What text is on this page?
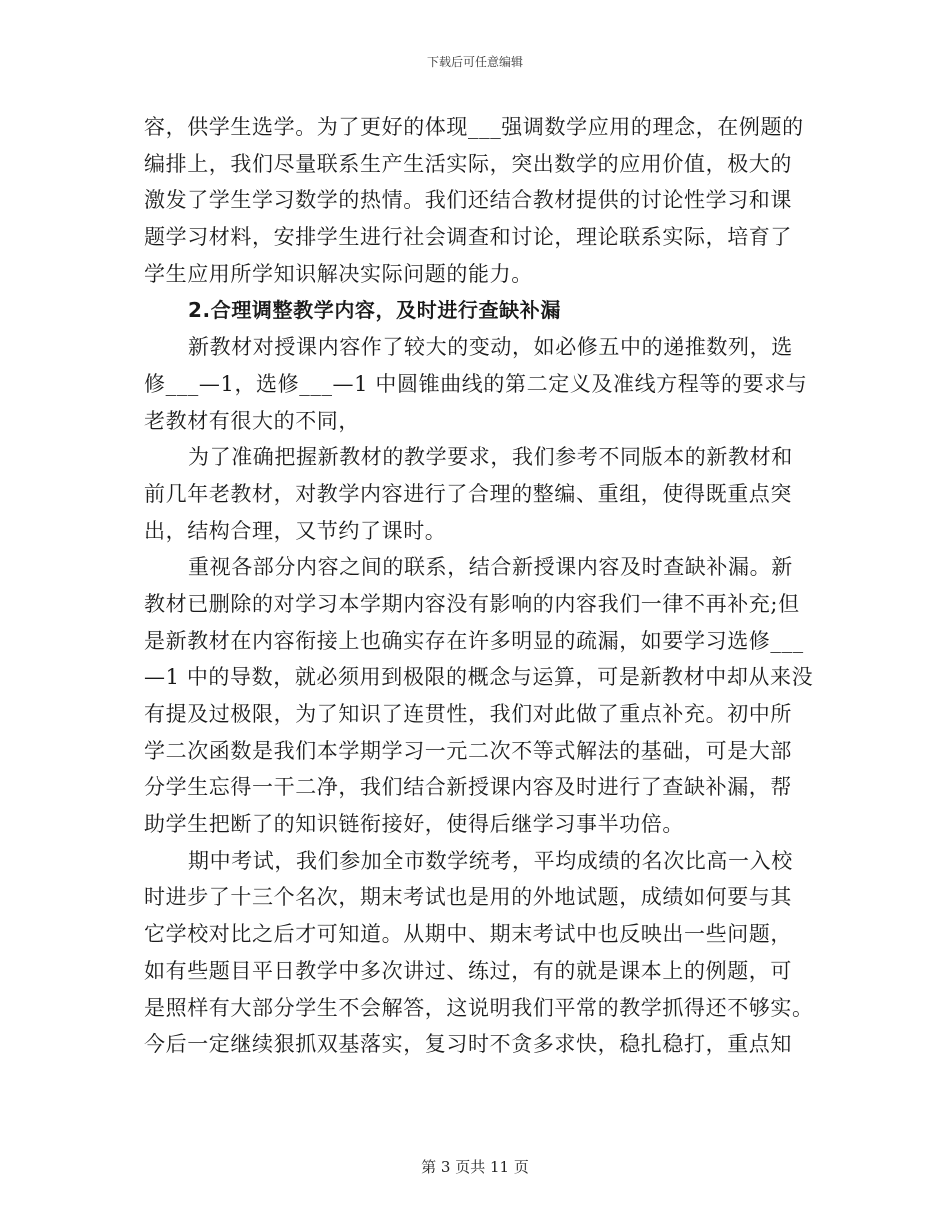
下载后可任意编辑
容，供学生选学。为了更好的体现___强调数学应用的理念，在例题的
编排上，我们尽量联系生产生活实际，突出数学的应用价值，极大的
激发了学生学习数学的热情。我们还结合教材提供的讨论性学习和课
题学习材料，安排学生进行社会调查和讨论，理论联系实际，培育了
学生应用所学知识解决实际问题的能力。
2.合理调整教学内容，及时进行查缺补漏
新教材对授课内容作了较大的变动，如必修五中的递推数列，选
修___—1，选修___—1 中圆锥曲线的第二定义及准线方程等的要求与
老教材有很大的不同，
为了准确把握新教材的教学要求，我们参考不同版本的新教材和
前几年老教材，对教学内容进行了合理的整编、重组，使得既重点突
出，结构合理，又节约了课时。
重视各部分内容之间的联系，结合新授课内容及时查缺补漏。新
教材已删除的对学习本学期内容没有影响的内容我们一律不再补充;但
是新教材在内容衔接上也确实存在许多明显的疏漏，如要学习选修___
—1 中的导数，就必须用到极限的概念与运算，可是新教材中却从来没
有提及过极限，为了知识了连贯性，我们对此做了重点补充。初中所
学二次函数是我们本学期学习一元二次不等式解法的基础，可是大部
分学生忘得一干二净，我们结合新授课内容及时进行了查缺补漏，帮
助学生把断了的知识链衔接好，使得后继学习事半功倍。
期中考试，我们参加全市数学统考，平均成绩的名次比高一入校
时进步了十三个名次，期末考试也是用的外地试题，成绩如何要与其
它学校对比之后才可知道。从期中、期末考试中也反映出一些问题，
如有些题目平日教学中多次讲过、练过，有的就是课本上的例题，可
是照样有大部分学生不会解答，这说明我们平常的教学抓得还不够实。
今后一定继续狠抓双基落实，复习时不贪多求快，稳扎稳打，重点知
第 3 页共 11 页
